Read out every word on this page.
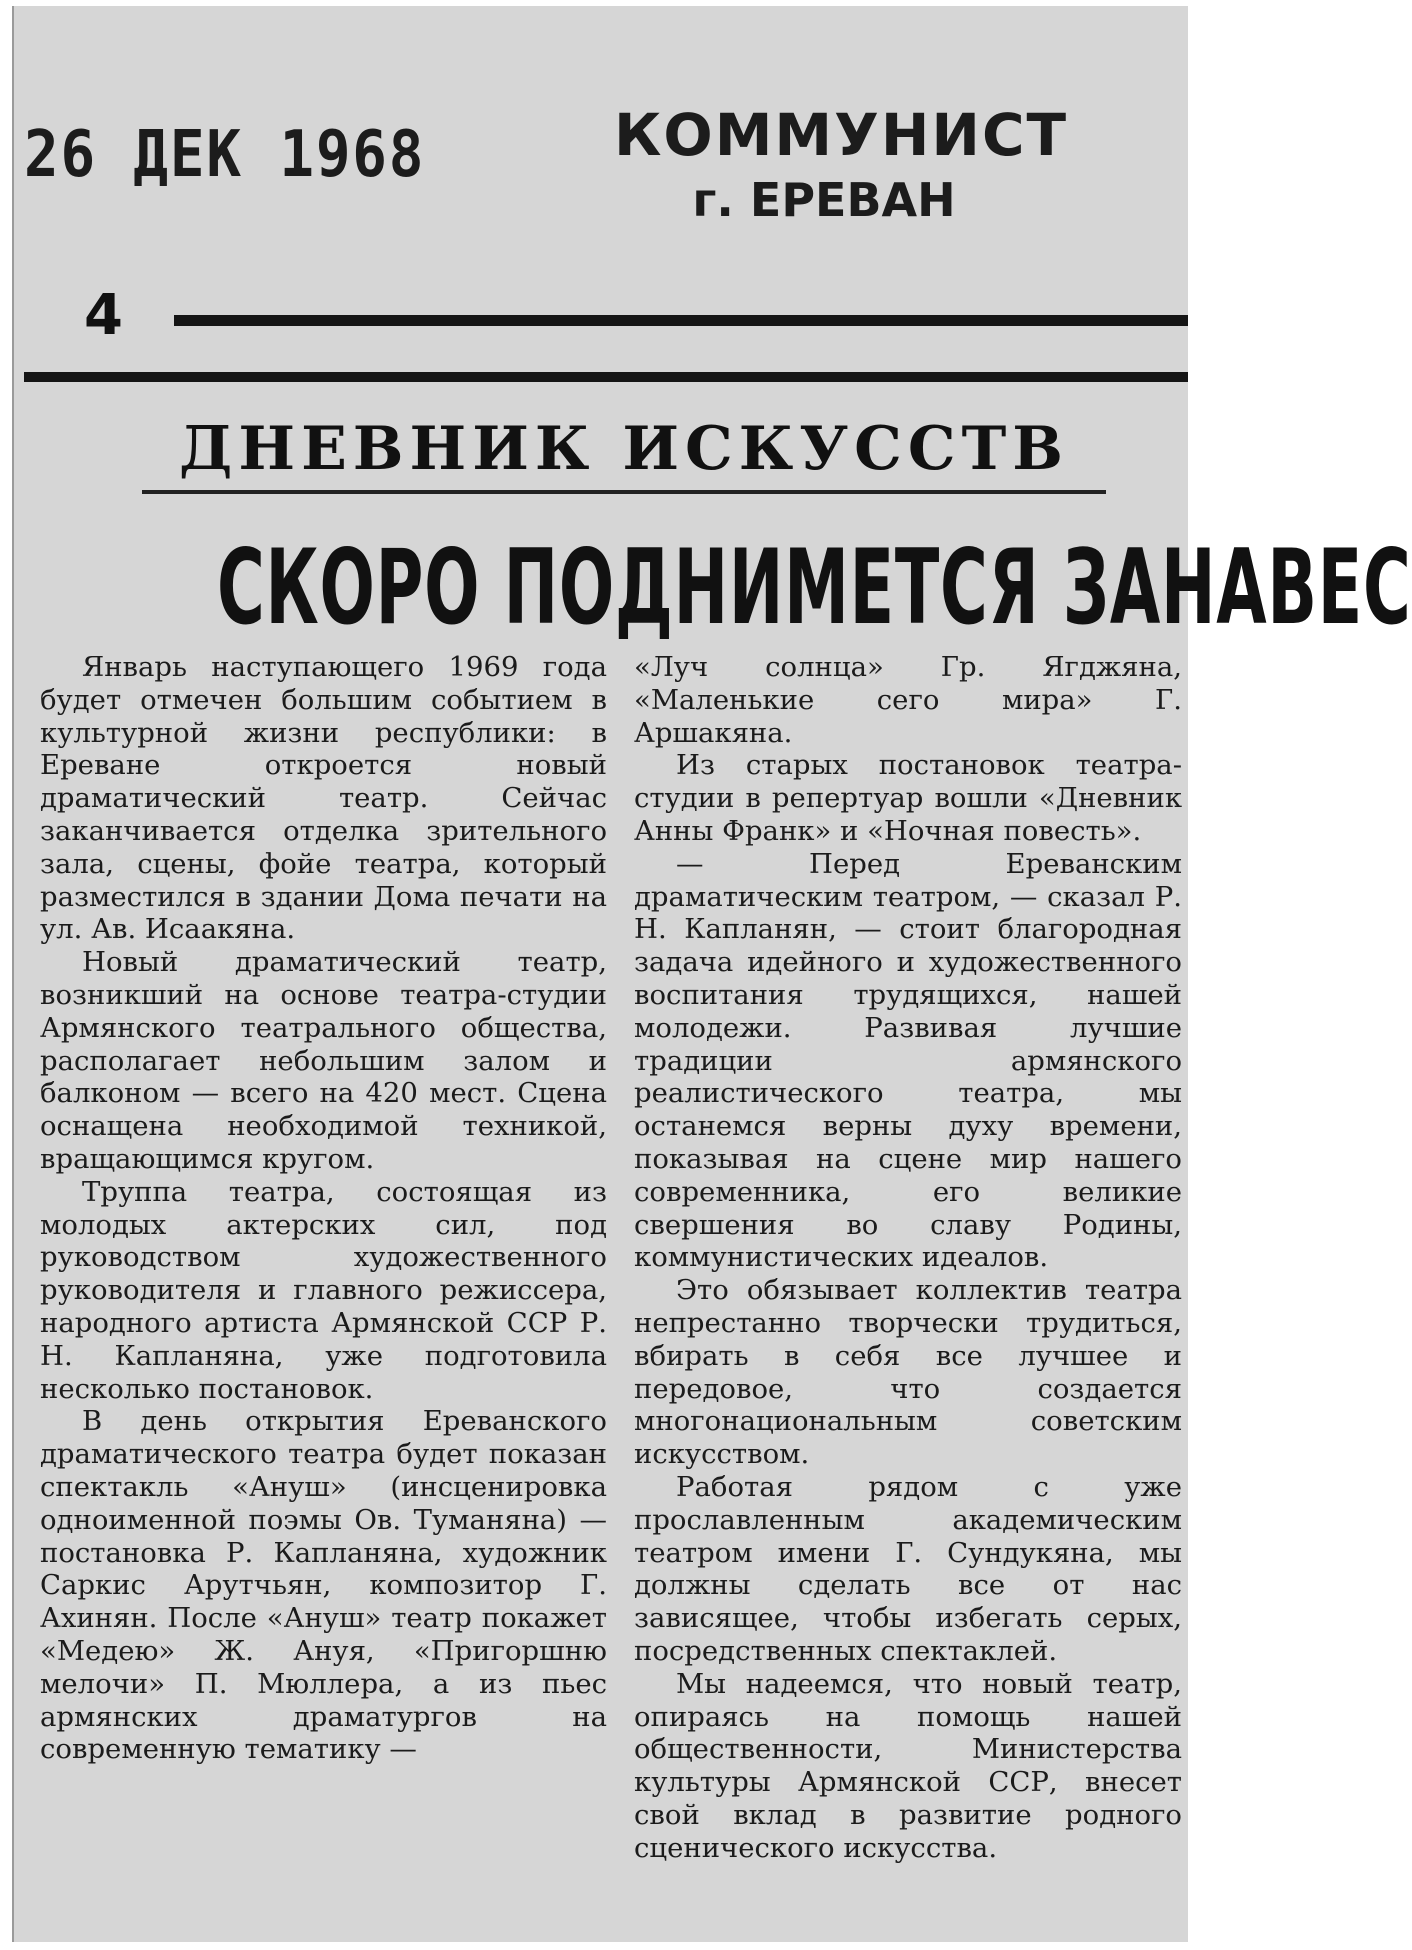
26 ДЕК 1968	КОММУНИСТ
г. ЕРЕВАН
4
ДНЕВНИК ИСКУССТВ
СКОРО ПОДНИМЕТСЯ ЗАНАВЕС

Январь наступающего 1969 года будет отмечен большим событием в культурной жизни республики: в Ереване откроется новый драматический театр. Сейчас заканчивается отделка зрительного зала, сцены, фойе театра, который разместился в здании Дома печати на ул. Ав. Исаакяна.

Новый драматический театр, возникший на основе театра-студии Армянского театрального общества, располагает небольшим залом и балконом — всего на 420 мест. Сцена оснащена необходимой техникой, вращающимся кругом.

Труппа театра, состоящая из молодых актерских сил, под руководством художественного руководителя и главного режиссера, народного артиста Армянской ССР Р. Н. Капланяна, уже подготовила несколько постановок.

В день открытия Ереванского драматического театра будет показан спектакль «Ануш» (инсценировка одноименной поэмы Ов. Туманяна) — постановка Р. Капланяна, художник Саркис Арутчьян, композитор Г. Ахинян. После «Ануш» театр покажет «Медею» Ж. Ануя, «Пригоршню мелочи» П. Мюллера, а из пьес армянских драматургов на современную тематику —

«Луч солнца» Гр. Ягджяна, «Маленькие сего мира» Г. Аршакяна.

Из старых постановок театра-студии в репертуар вошли «Дневник Анны Франк» и «Ночная повесть».

— Перед Ереванским драматическим театром, — сказал Р. Н. Капланян, — стоит благородная задача идейного и художественного воспитания трудящихся, нашей молодежи. Развивая лучшие традиции армянского реалистического театра, мы останемся верны духу времени, показывая на сцене мир нашего современника, его великие свершения во славу Родины, коммунистических идеалов.

Это обязывает коллектив театра непрестанно творчески трудиться, вбирать в себя все лучшее и передовое, что создается многонациональным советским искусством.

Работая рядом с уже прославленным академическим театром имени Г. Сундукяна, мы должны сделать все от нас зависящее, чтобы избегать серых, посредственных спектаклей.

Мы надеемся, что новый театр, опираясь на помощь нашей общественности, Министерства культуры Армянской ССР, внесет свой вклад в развитие родного сценического искусства.
